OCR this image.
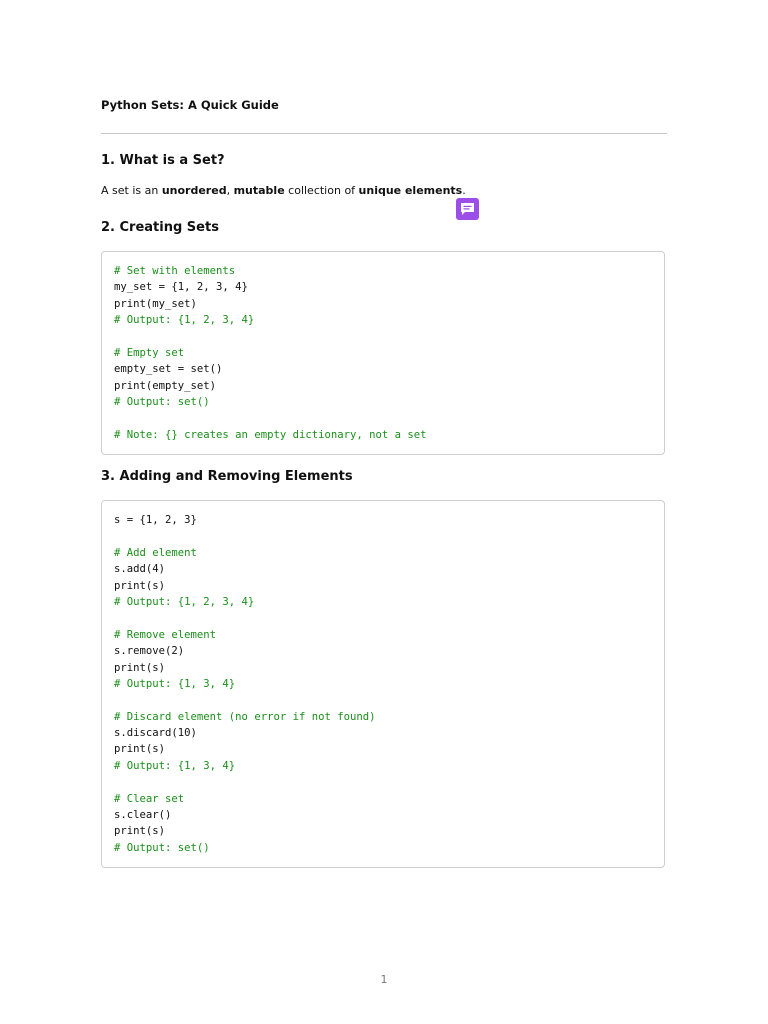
Python Sets: A Quick Guide
1. What is a Set?
A set is an unordered, mutable collection of unique elements.
2. Creating Sets
# Set with elements
my_set = {1, 2, 3, 4}
print(my_set)
# Output: {1, 2, 3, 4}
# Empty set
empty_set = set()
print(empty_set)
# Output: set()
# Note: {} creates an empty dictionary, not a set
3. Adding and Removing Elements
s = {1, 2, 3}
# Add element
s.add(4)
print(s)
# Output: {1, 2, 3, 4}
# Remove element
s.remove(2)
print(s)
# Output: {1, 3, 4}
# Discard element (no error if not found)
s.discard(10)
print(s)
# Output: {1, 3, 4}
# Clear set
s.clear()
print(s)
# Output: set()
1
